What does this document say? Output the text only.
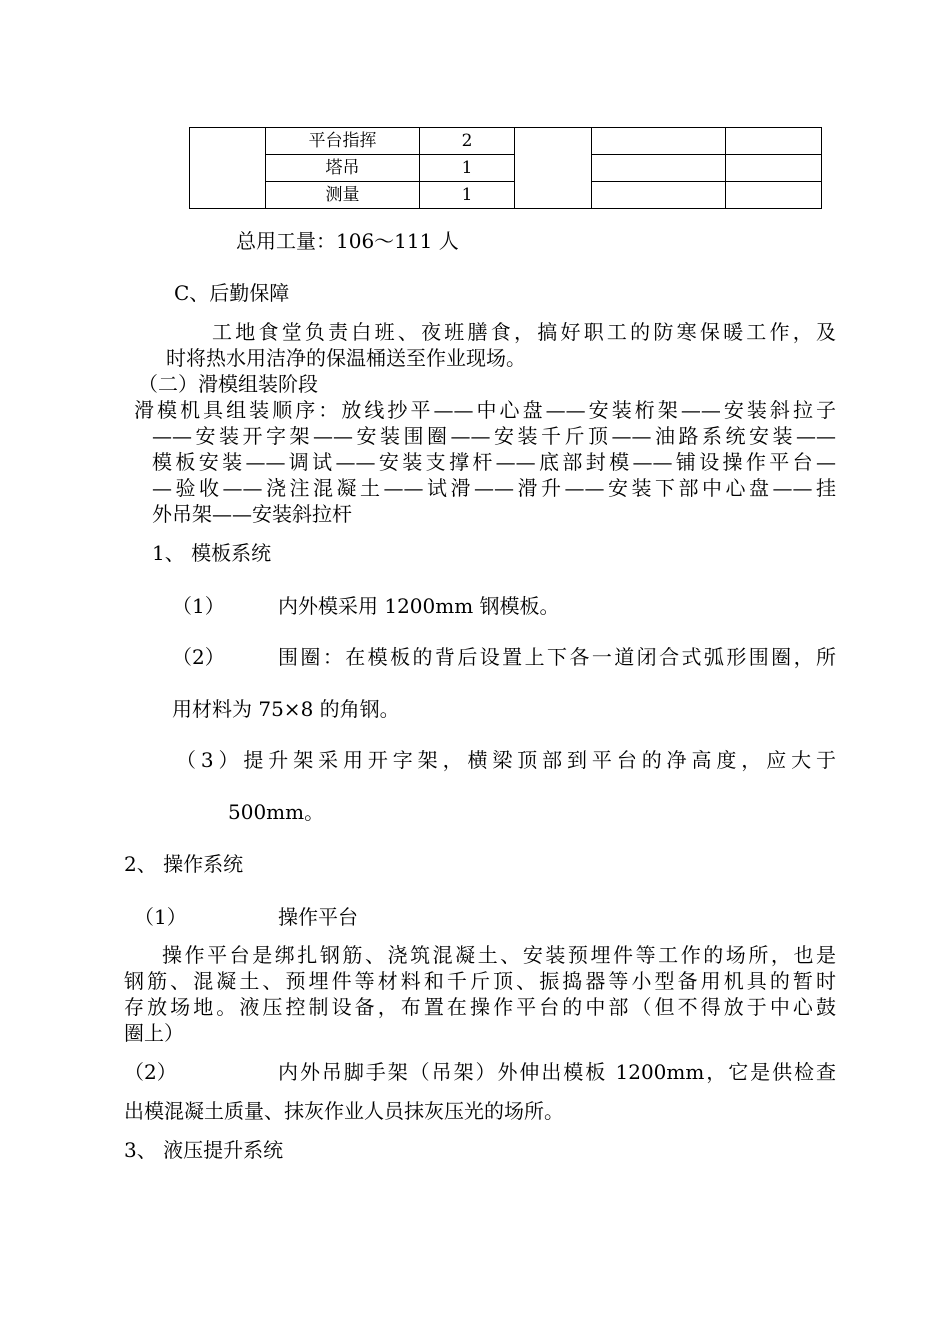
	平台指挥	2			
	塔吊	1			
	测量	1			
总用工量：106～111 人
C、后勤保障
工地食堂负责白班、夜班膳食，搞好职工的防寒保暖工作，及
时将热水用洁净的保温桶送至作业现场。
（二）滑模组装阶段
滑模机具组装顺序：放线抄平——中心盘——安装桁架——安装斜拉子
——安装开字架——安装围圈——安装千斤顶——油路系统安装——
模板安装——调试——安装支撑杆——底部封模——铺设操作平台—
—验收——浇注混凝土——试滑——滑升——安装下部中心盘——挂
外吊架——安装斜拉杆
1、 模板系统
（1）	内外模采用 1200mm 钢模板。
（2）	围圈：在模板的背后设置上下各一道闭合式弧形围圈，所
用材料为 75×8 的角钢。
（3）提升架采用开字架，横梁顶部到平台的净高度，应大于
500mm。
2、 操作系统
（1）	操作平台
操作平台是绑扎钢筋、浇筑混凝土、安装预埋件等工作的场所，也是
钢筋、混凝土、预埋件等材料和千斤顶、振捣器等小型备用机具的暂时
存放场地。液压控制设备，布置在操作平台的中部（但不得放于中心鼓
圈上）
（2）	内外吊脚手架（吊架）外伸出模板 1200mm，它是供检查
出模混凝土质量、抹灰作业人员抹灰压光的场所。
3、 液压提升系统
